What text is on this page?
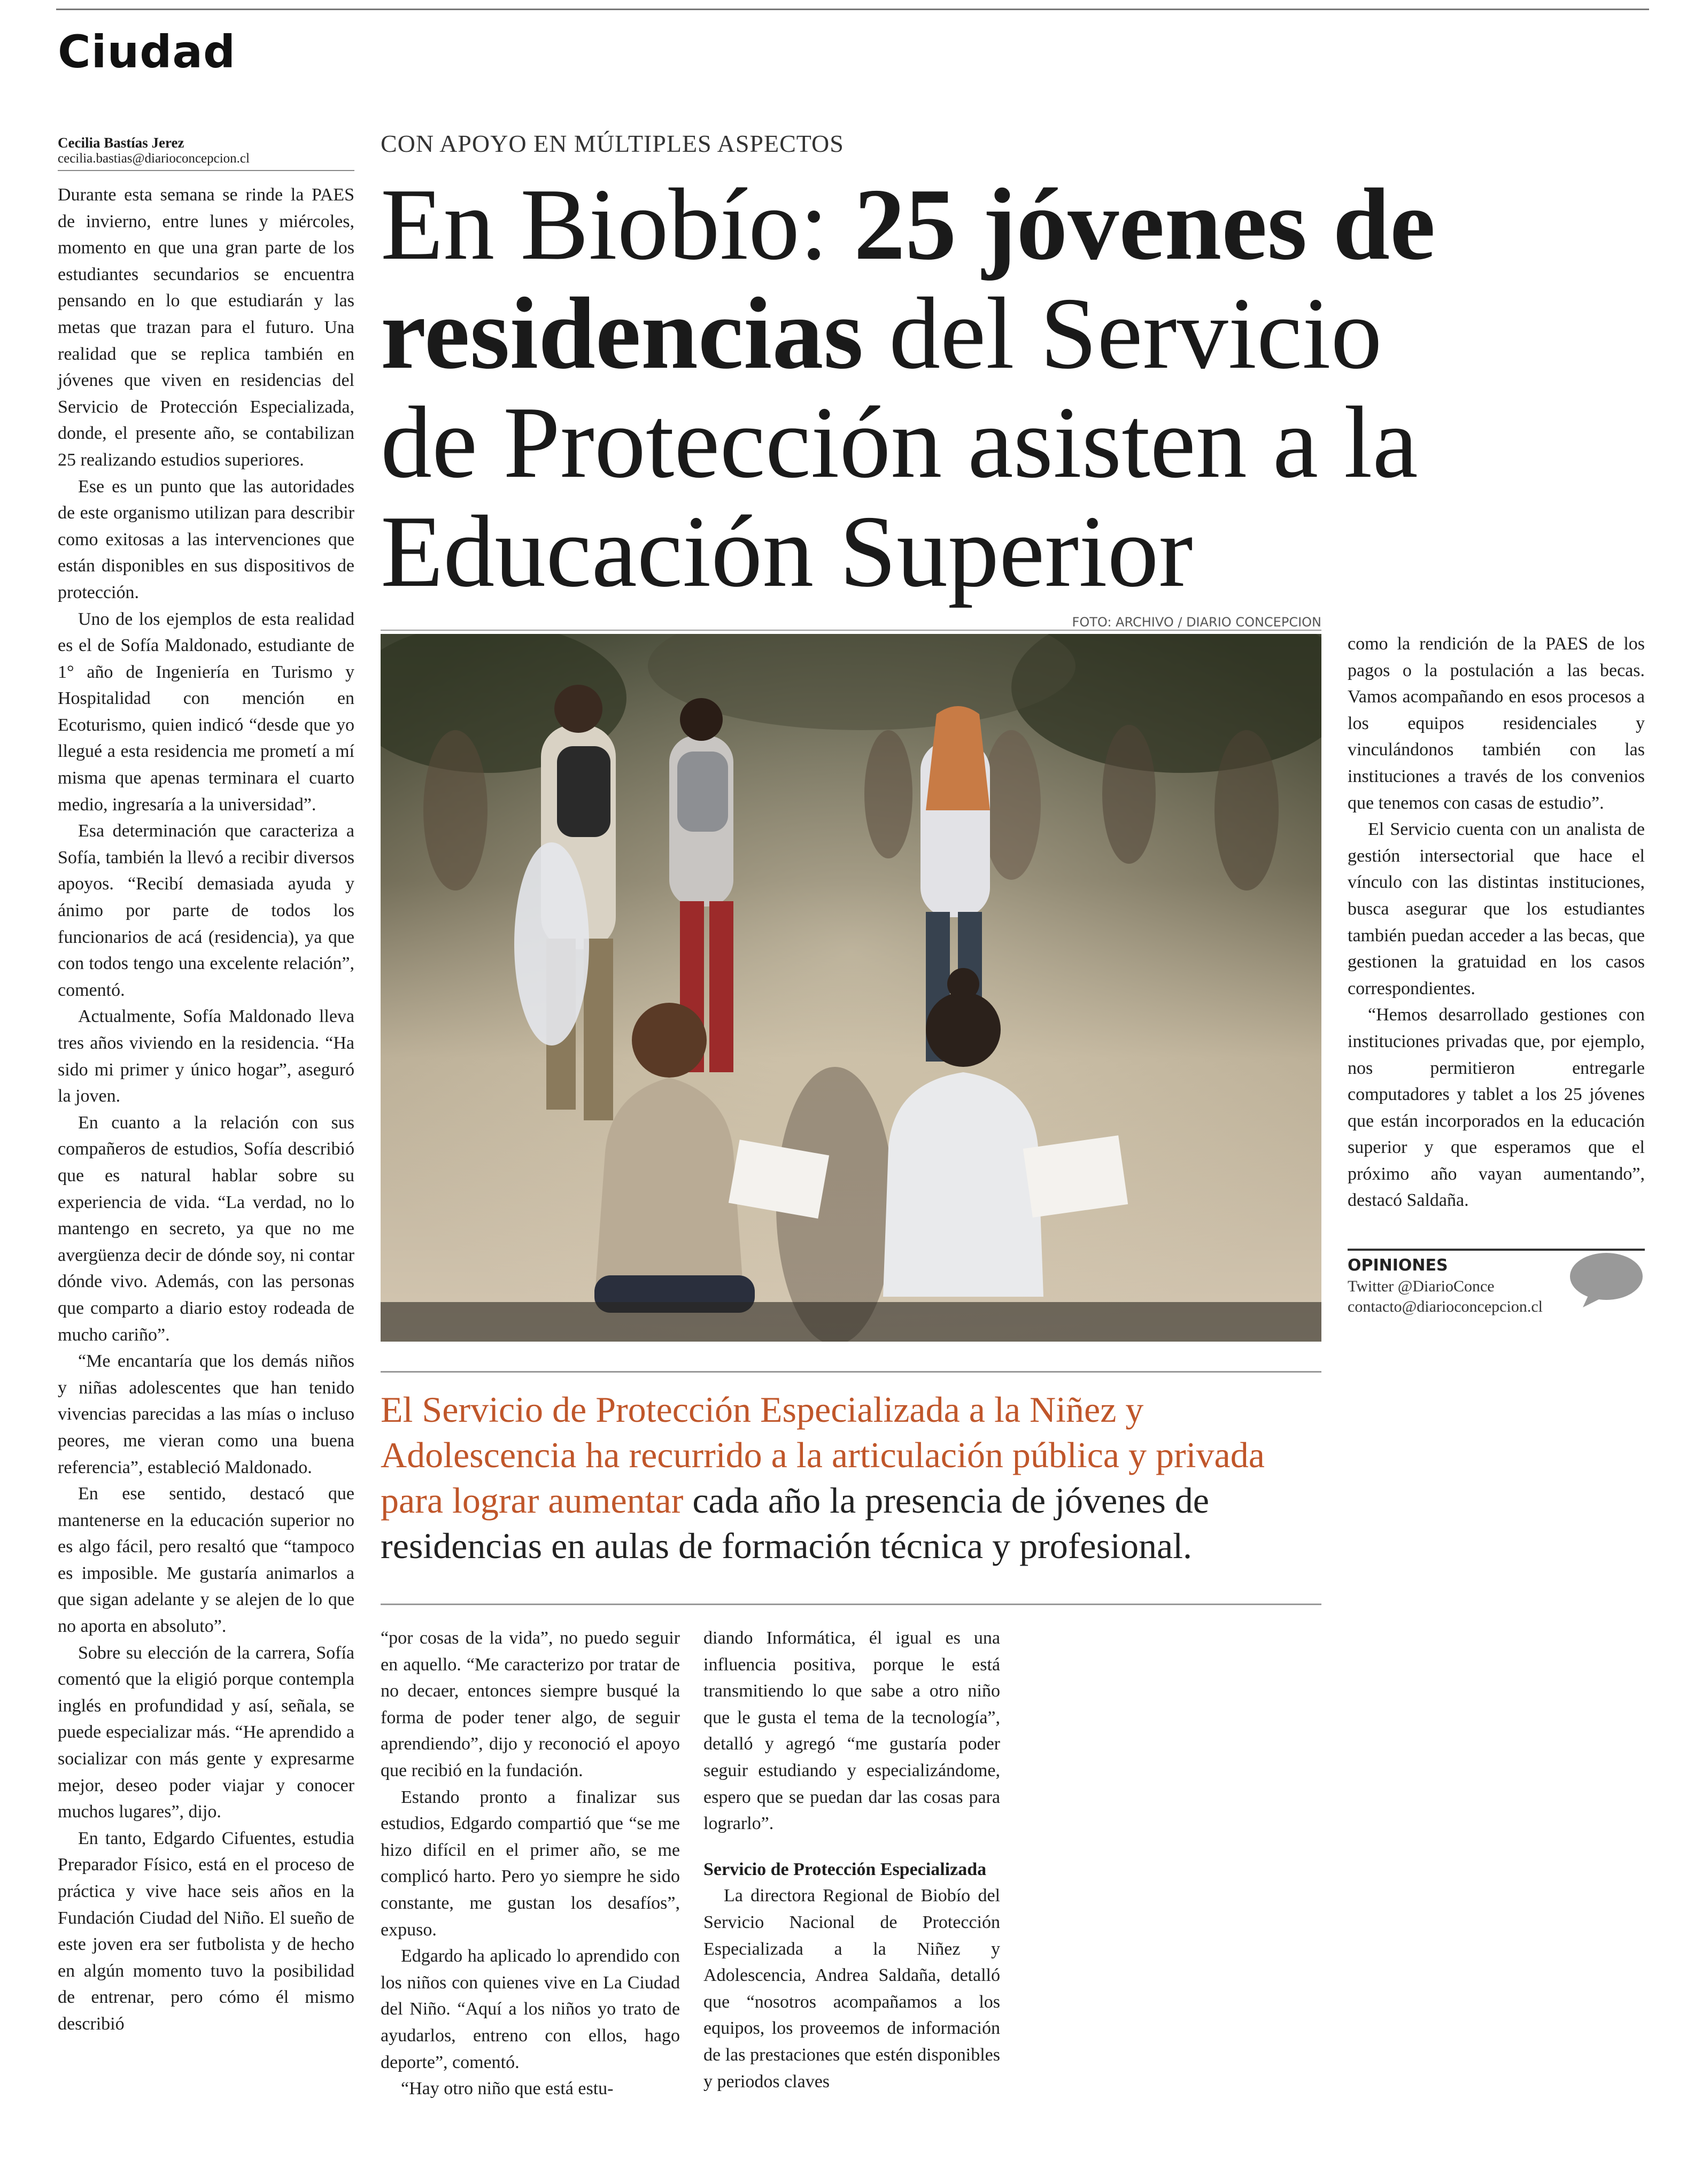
Ciudad
Cecilia Bastías Jerez
cecilia.bastias@diarioconcepcion.cl

Durante esta semana se rinde la PAES de invierno, entre lunes y miércoles, momento en que una gran parte de los estudiantes secundarios se encuentra pensando en lo que estudiarán y las metas que trazan para el futuro. Una realidad que se replica también en jóvenes que viven en residencias del Servicio de Protección Especializada, donde, el presente año, se contabilizan 25 realizando estudios superiores.

Ese es un punto que las autoridades de este organismo utilizan para describir como exitosas a las intervenciones que están disponibles en sus dispositivos de protección.

Uno de los ejemplos de esta realidad es el de Sofía Maldonado, estudiante de 1° año de Ingeniería en Turismo y Hospitalidad con mención en Ecoturismo, quien indicó “desde que yo llegué a esta residencia me prometí a mí misma que apenas terminara el cuarto medio, ingresaría a la universidad”.

Esa determinación que caracteriza a Sofía, también la llevó a recibir diversos apoyos. “Recibí demasiada ayuda y ánimo por parte de todos los funcionarios de acá (residencia), ya que con todos tengo una excelente relación”, comentó.

Actualmente, Sofía Maldonado lleva tres años viviendo en la residencia. “Ha sido mi primer y único hogar”, aseguró la joven.

En cuanto a la relación con sus compañeros de estudios, Sofía describió que es natural hablar sobre su experiencia de vida. “La verdad, no lo mantengo en secreto, ya que no me avergüenza decir de dónde soy, ni contar dónde vivo. Además, con las personas que comparto a diario estoy rodeada de mucho cariño”.

“Me encantaría que los demás niños y niñas adolescentes que han tenido vivencias parecidas a las mías o incluso peores, me vieran como una buena referencia”, estableció Maldonado.

En ese sentido, destacó que mantenerse en la educación superior no es algo fácil, pero resaltó que “tampoco es imposible. Me gustaría animarlos a que sigan adelante y se alejen de lo que no aporta en absoluto”.

Sobre su elección de la carrera, Sofía comentó que la eligió porque contempla inglés en profundidad y así, señala, se puede especializar más. “He aprendido a socializar con más gente y expresarme mejor, deseo poder viajar y conocer muchos lugares”, dijo.

En tanto, Edgardo Cifuentes, estudia Preparador Físico, está en el proceso de práctica y vive hace seis años en la Fundación Ciudad del Niño. El sueño de este joven era ser futbolista y de hecho en algún momento tuvo la posibilidad de entrenar, pero cómo él mismo describió

CON APOYO EN MÚLTIPLES ASPECTOS
En Biobío: 25 jóvenes de residencias del Servicio de Protección asisten a la Educación Superior
FOTO: ARCHIVO / DIARIO CONCEPCION
El Servicio de Protección Especializada a la Niñez y Adolescencia ha recurrido a la articulación pública y privada para lograr aumentar cada año la presencia de jóvenes de residencias en aulas de formación técnica y profesional.

“por cosas de la vida”, no puedo seguir en aquello. “Me caracterizo por tratar de no decaer, entonces siempre busqué la forma de poder tener algo, de seguir aprendiendo”, dijo y reconoció el apoyo que recibió en la fundación.

Estando pronto a finalizar sus estudios, Edgardo compartió que “se me hizo difícil en el primer año, se me complicó harto. Pero yo siempre he sido constante, me gustan los desafíos”, expuso.

Edgardo ha aplicado lo aprendido con los niños con quienes vive en La Ciudad del Niño. “Aquí a los niños yo trato de ayudarlos, entreno con ellos, hago deporte”, comentó.

“Hay otro niño que está estu-

diando Informática, él igual es una influencia positiva, porque le está transmitiendo lo que sabe a otro niño que le gusta el tema de la tecnología”, detalló y agregó “me gustaría poder seguir estudiando y especializándome, espero que se puedan dar las cosas para lograrlo”.

Servicio de Protección Especializada

La directora Regional de Biobío del Servicio Nacional de Protección Especializada a la Niñez y Adolescencia, Andrea Saldaña, detalló que “nosotros acompañamos a los equipos, los proveemos de información de las prestaciones que estén disponibles y periodos claves

como la rendición de la PAES de los pagos o la postulación a las becas. Vamos acompañando en esos procesos a los equipos residenciales y vinculándonos también con las instituciones a través de los convenios que tenemos con casas de estudio”.

El Servicio cuenta con un analista de gestión intersectorial que hace el vínculo con las distintas instituciones, busca asegurar que los estudiantes también puedan acceder a las becas, que gestionen la gratuidad en los casos correspondientes.

“Hemos desarrollado gestiones con instituciones privadas que, por ejemplo, nos permitieron entregarle computadores y tablet a los 25 jóvenes que están incorporados en la educación superior y que esperamos que el próximo año vayan aumentando”, destacó Saldaña.

OPINIONES
Twitter @DiarioConce
contacto@diarioconcepcion.cl
